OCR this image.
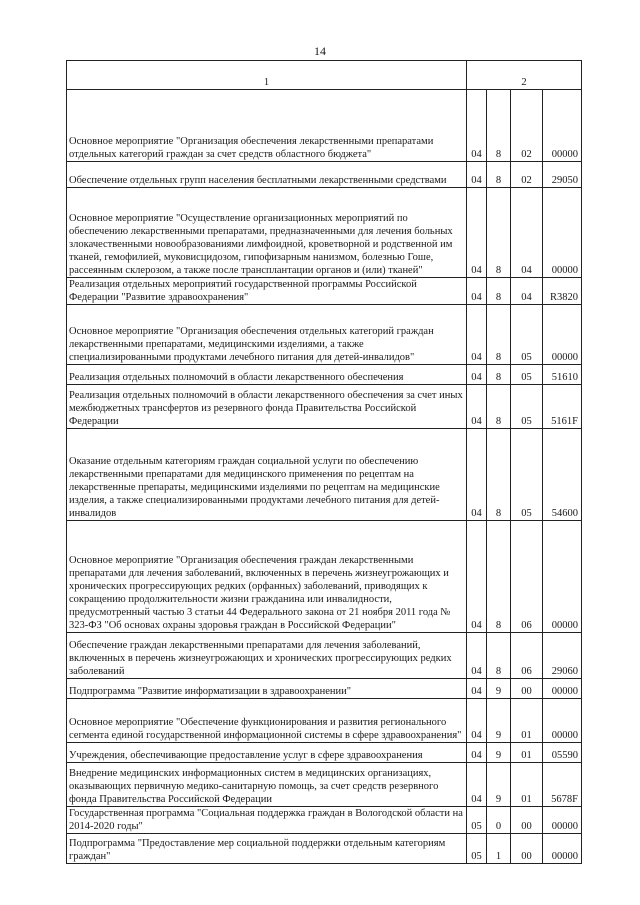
14
1	2			
Основное мероприятие "Организация обеспечения лекарственными препаратами отдельных категорий граждан за счет средств областного бюджета"	04	8	02	00000
Обеспечение отдельных групп населения бесплатными лекарственными средствами	04	8	02	29050
Основное мероприятие "Осуществление организационных мероприятий по обеспечению лекарственными препаратами, предназначенными для лечения больных злокачественными новообразованиями лимфоидной, кроветворной и родственной им тканей, гемофилией, муковисцидозом, гипофизарным нанизмом, болезнью Гоше, рассеянным склерозом, а также после трансплантации органов и (или) тканей"	04	8	04	00000
Реализация отдельных мероприятий государственной программы Российской Федерации "Развитие здравоохранения"	04	8	04	R3820
Основное мероприятие "Организация обеспечения отдельных категорий граждан лекарственными препаратами, медицинскими изделиями, а также специализированными продуктами лечебного питания для детей-инвалидов"	04	8	05	00000
Реализация отдельных полномочий в области лекарственного обеспечения	04	8	05	51610
Реализация отдельных полномочий в области лекарственного обеспечения за счет иных межбюджетных трансфертов из резервного фонда Правительства Российской Федерации	04	8	05	5161F
Оказание отдельным категориям граждан социальной услуги по обеспечению лекарственными препаратами для медицинского применения по рецептам на лекарственные препараты, медицинскими изделиями по рецептам на медицинские изделия, а также специализированными продуктами лечебного питания для детей-инвалидов	04	8	05	54600
Основное мероприятие "Организация обеспечения граждан лекарственными препаратами для лечения заболеваний, включенных в перечень жизнеугрожающих и хронических прогрессирующих редких (орфанных) заболеваний, приводящих к сокращению продолжительности жизни гражданина или инвалидности, предусмотренный частью 3 статьи 44 Федерального закона от 21 ноября 2011 года № 323-ФЗ "Об основах охраны здоровья граждан в Российской Федерации"	04	8	06	00000
Обеспечение граждан лекарственными препаратами для лечения заболеваний, включенных в перечень жизнеугрожающих и хронических прогрессирующих редких заболеваний	04	8	06	29060
Подпрограмма "Развитие информатизации в здравоохранении"	04	9	00	00000
Основное мероприятие "Обеспечение функционирования и развития регионального сегмента единой государственной информационной системы в сфере здравоохранения"	04	9	01	00000
Учреждения, обеспечивающие предоставление услуг в сфере здравоохранения	04	9	01	05590
Внедрение медицинских информационных систем в медицинских организациях, оказывающих первичную медико-санитарную помощь, за счет средств резервного фонда Правительства Российской Федерации	04	9	01	5678F
Государственная программа "Социальная поддержка граждан в Вологодской области на 2014-2020 годы"	05	0	00	00000
Подпрограмма "Предоставление мер социальной поддержки отдельным категориям граждан"	05	1	00	00000
